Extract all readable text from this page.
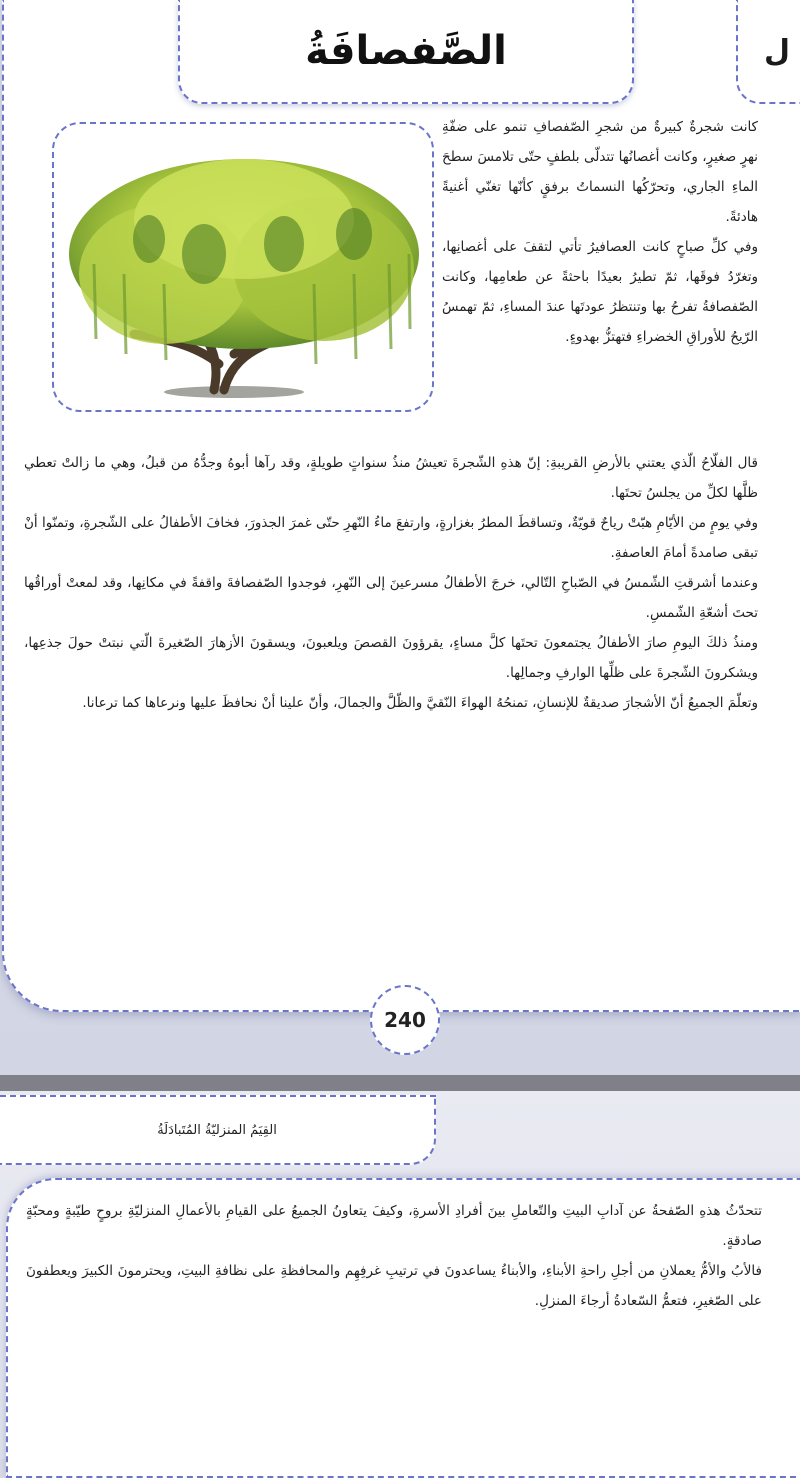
الصَّفصافَةُ	ل

كانت شجرةٌ كبيرةٌ من شجرِ الصّفصافِ تنمو على ضفّةِ نهرٍ صغيرٍ، وكانت أغصانُها تتدلّى بلطفٍ حتّى تلامسَ سطحَ الماءِ الجاري، وتحرّكُها النسماتُ برفقٍ كأنّها تغنّي أغنيةً هادئةً.

وفي كلِّ صباحٍ كانت العصافيرُ تأتي لتقفَ على أغصانِها، وتغرّدُ فوقَها، ثمّ تطيرُ بعيدًا باحثةً عن طعامِها، وكانت الصّفصافةُ تفرحُ بها وتنتظرُ عودتَها عندَ المساءِ، ثمّ تهمسُ الرّيحُ للأوراقِ الخضراءِ فتهتزُّ بهدوءٍ.

قال الفلّاحُ الّذي يعتني بالأرضِ القريبةِ: إنّ هذهِ الشّجرةَ تعيشُ منذُ سنواتٍ طويلةٍ، وقد رآها أبوهُ وجدُّهُ من قبلُ، وهي ما زالتْ تعطي ظلَّها لكلِّ من يجلسُ تحتَها.

وفي يومٍ من الأيّامِ هبّتْ رياحٌ قويّةٌ، وتساقطَ المطرُ بغزارةٍ، وارتفعَ ماءُ النّهرِ حتّى غمرَ الجذورَ، فخافَ الأطفالُ على الشّجرةِ، وتمنّوا أنْ تبقى صامدةً أمامَ العاصفةِ.

وعندما أشرقتِ الشّمسُ في الصّباحِ التّالي، خرجَ الأطفالُ مسرعينَ إلى النّهرِ، فوجدوا الصّفصافةَ واقفةً في مكانِها، وقد لمعتْ أوراقُها تحتَ أشعّةِ الشّمسِ.

ومنذُ ذلكَ اليومِ صارَ الأطفالُ يجتمعونَ تحتَها كلَّ مساءٍ، يقرؤونَ القصصَ ويلعبونَ، ويسقونَ الأزهارَ الصّغيرةَ الّتي نبتتْ حولَ جذعِها، ويشكرونَ الشّجرةَ على ظلِّها الوارفِ وجمالِها.

وتعلّمَ الجميعُ أنّ الأشجارَ صديقةٌ للإنسانِ، تمنحُهُ الهواءَ النّقيَّ والظّلَّ والجمالَ، وأنّ علينا أنْ نحافظَ عليها ونرعاها كما ترعانا.

240
القِيَمُ المنزليّةُ المُتَبادَلَةُ

تتحدّثُ هذهِ الصّفحةُ عن آدابِ البيتِ والتّعاملِ بينَ أفرادِ الأسرةِ، وكيفَ يتعاونُ الجميعُ على القيامِ بالأعمالِ المنزليّةِ بروحٍ طيّبةٍ ومحبّةٍ صادقةٍ.

فالأبُ والأمُّ يعملانِ من أجلِ راحةِ الأبناءِ، والأبناءُ يساعدونَ في ترتيبِ غرفِهِم والمحافظةِ على نظافةِ البيتِ، ويحترمونَ الكبيرَ ويعطفونَ على الصّغيرِ، فتعمُّ السّعادةُ أرجاءَ المنزلِ.
